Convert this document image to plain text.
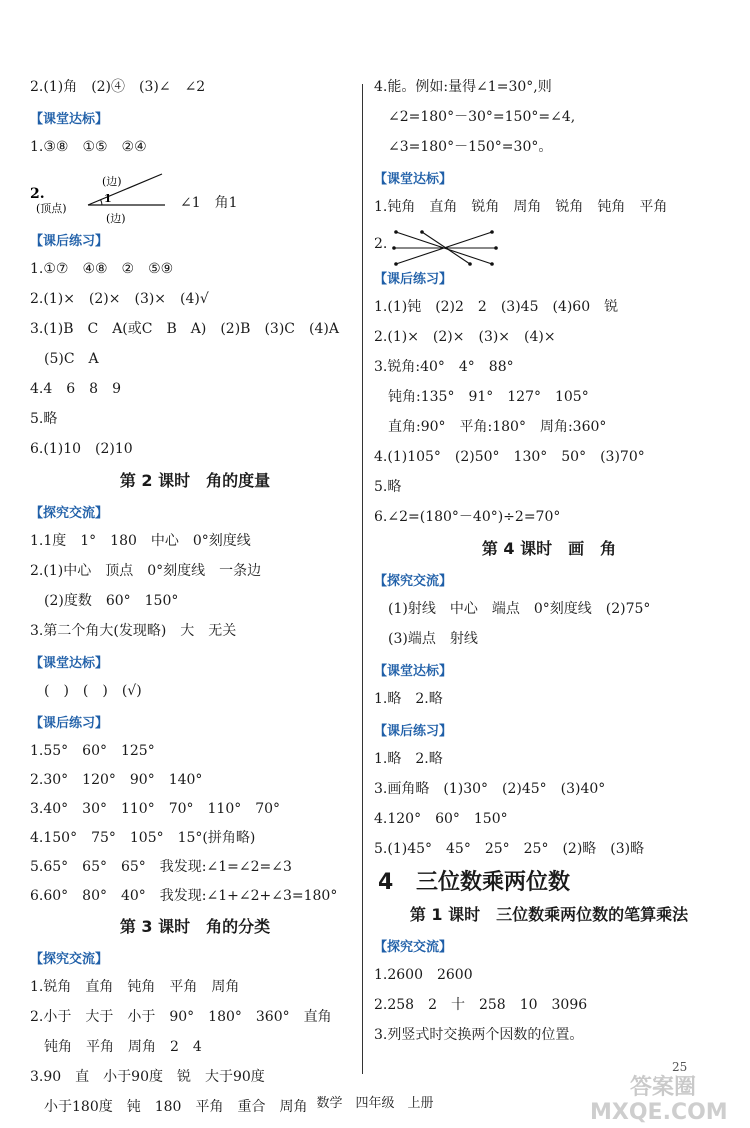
2.(1)角　(2)④　(3)∠　∠2
【 课堂达标 】
1.③⑧　①⑤　②④
2.	1
(边)
(边)
(顶点)	∠1　角1
【 课后练习 】
1.①⑦　④⑧　②　⑤⑨
2.(1)×　(2)×　(3)×　(4)√
3.(1)B　C　A(或C　B　A)　(2)B　(3)C　(4)A
(5)C　A
4.4　6　8　9
5.略
6.(1)10　(2)10
第 2 课时　角的度量
【 探究交流 】
1.1度　1°　180　中心　0°刻度线
2.(1)中心　顶点　0°刻度线　一条边
(2)度数　60°　150°
3.第二个角大(发现略)　大　无关
【 课堂达标 】
(　)　(　)　(√)
【 课后练习 】
1.55°　60°　125°
2.30°　120°　90°　140°
3.40°　30°　110°　70°　110°　70°
4.150°　75°　105°　15°(拼角略)
5.65°　65°　65°　我发现:∠1=∠2=∠3
6.60°　80°　40°　我发现:∠1+∠2+∠3=180°
第 3 课时　角的分类
【 探究交流 】
1.锐角　直角　钝角　平角　周角
2.小于　大于　小于　90°　180°　360°　直角
钝角　平角　周角　2　4
3.90　直　小于90度　锐　大于90度
小于180度　钝　180　平角　重合　周角
4.能。例如:量得∠1=30°,则
∠2=180°－30°=150°=∠4,
∠3=180°－150°=30°。
【 课堂达标 】
1.钝角　直角　锐角　周角　锐角　钝角　平角
2.
【 课后练习 】
1.(1)钝　(2)2　2　(3)45　(4)60　锐
2.(1)×　(2)×　(3)×　(4)×
3.锐角:40°　4°　88°
钝角:135°　91°　127°　105°
直角:90°　平角:180°　周角:360°
4.(1)105°　(2)50°　130°　50°　(3)70°
5.略
6.∠2=(180°－40°)÷2=70°
第 4 课时　画　角
【 探究交流 】
(1)射线　中心　端点　0°刻度线　(2)75°
(3)端点　射线
【 课堂达标 】
1.略　2.略
【 课后练习 】
1.略　2.略
3.画角略　(1)30°　(2)45°　(3)40°
4.120°　60°　150°
5.(1)45°　45°　25°　25°　(2)略　(3)略
4 三位数乘两位数
第 1 课时　三位数乘两位数的笔算乘法
【 探究交流 】
1.2600　2600
2.258　2　十　258　10　3096
3.列竖式时交换两个因数的位置。
25
数学　四年级　上册
答案圈
MXQE.COM
